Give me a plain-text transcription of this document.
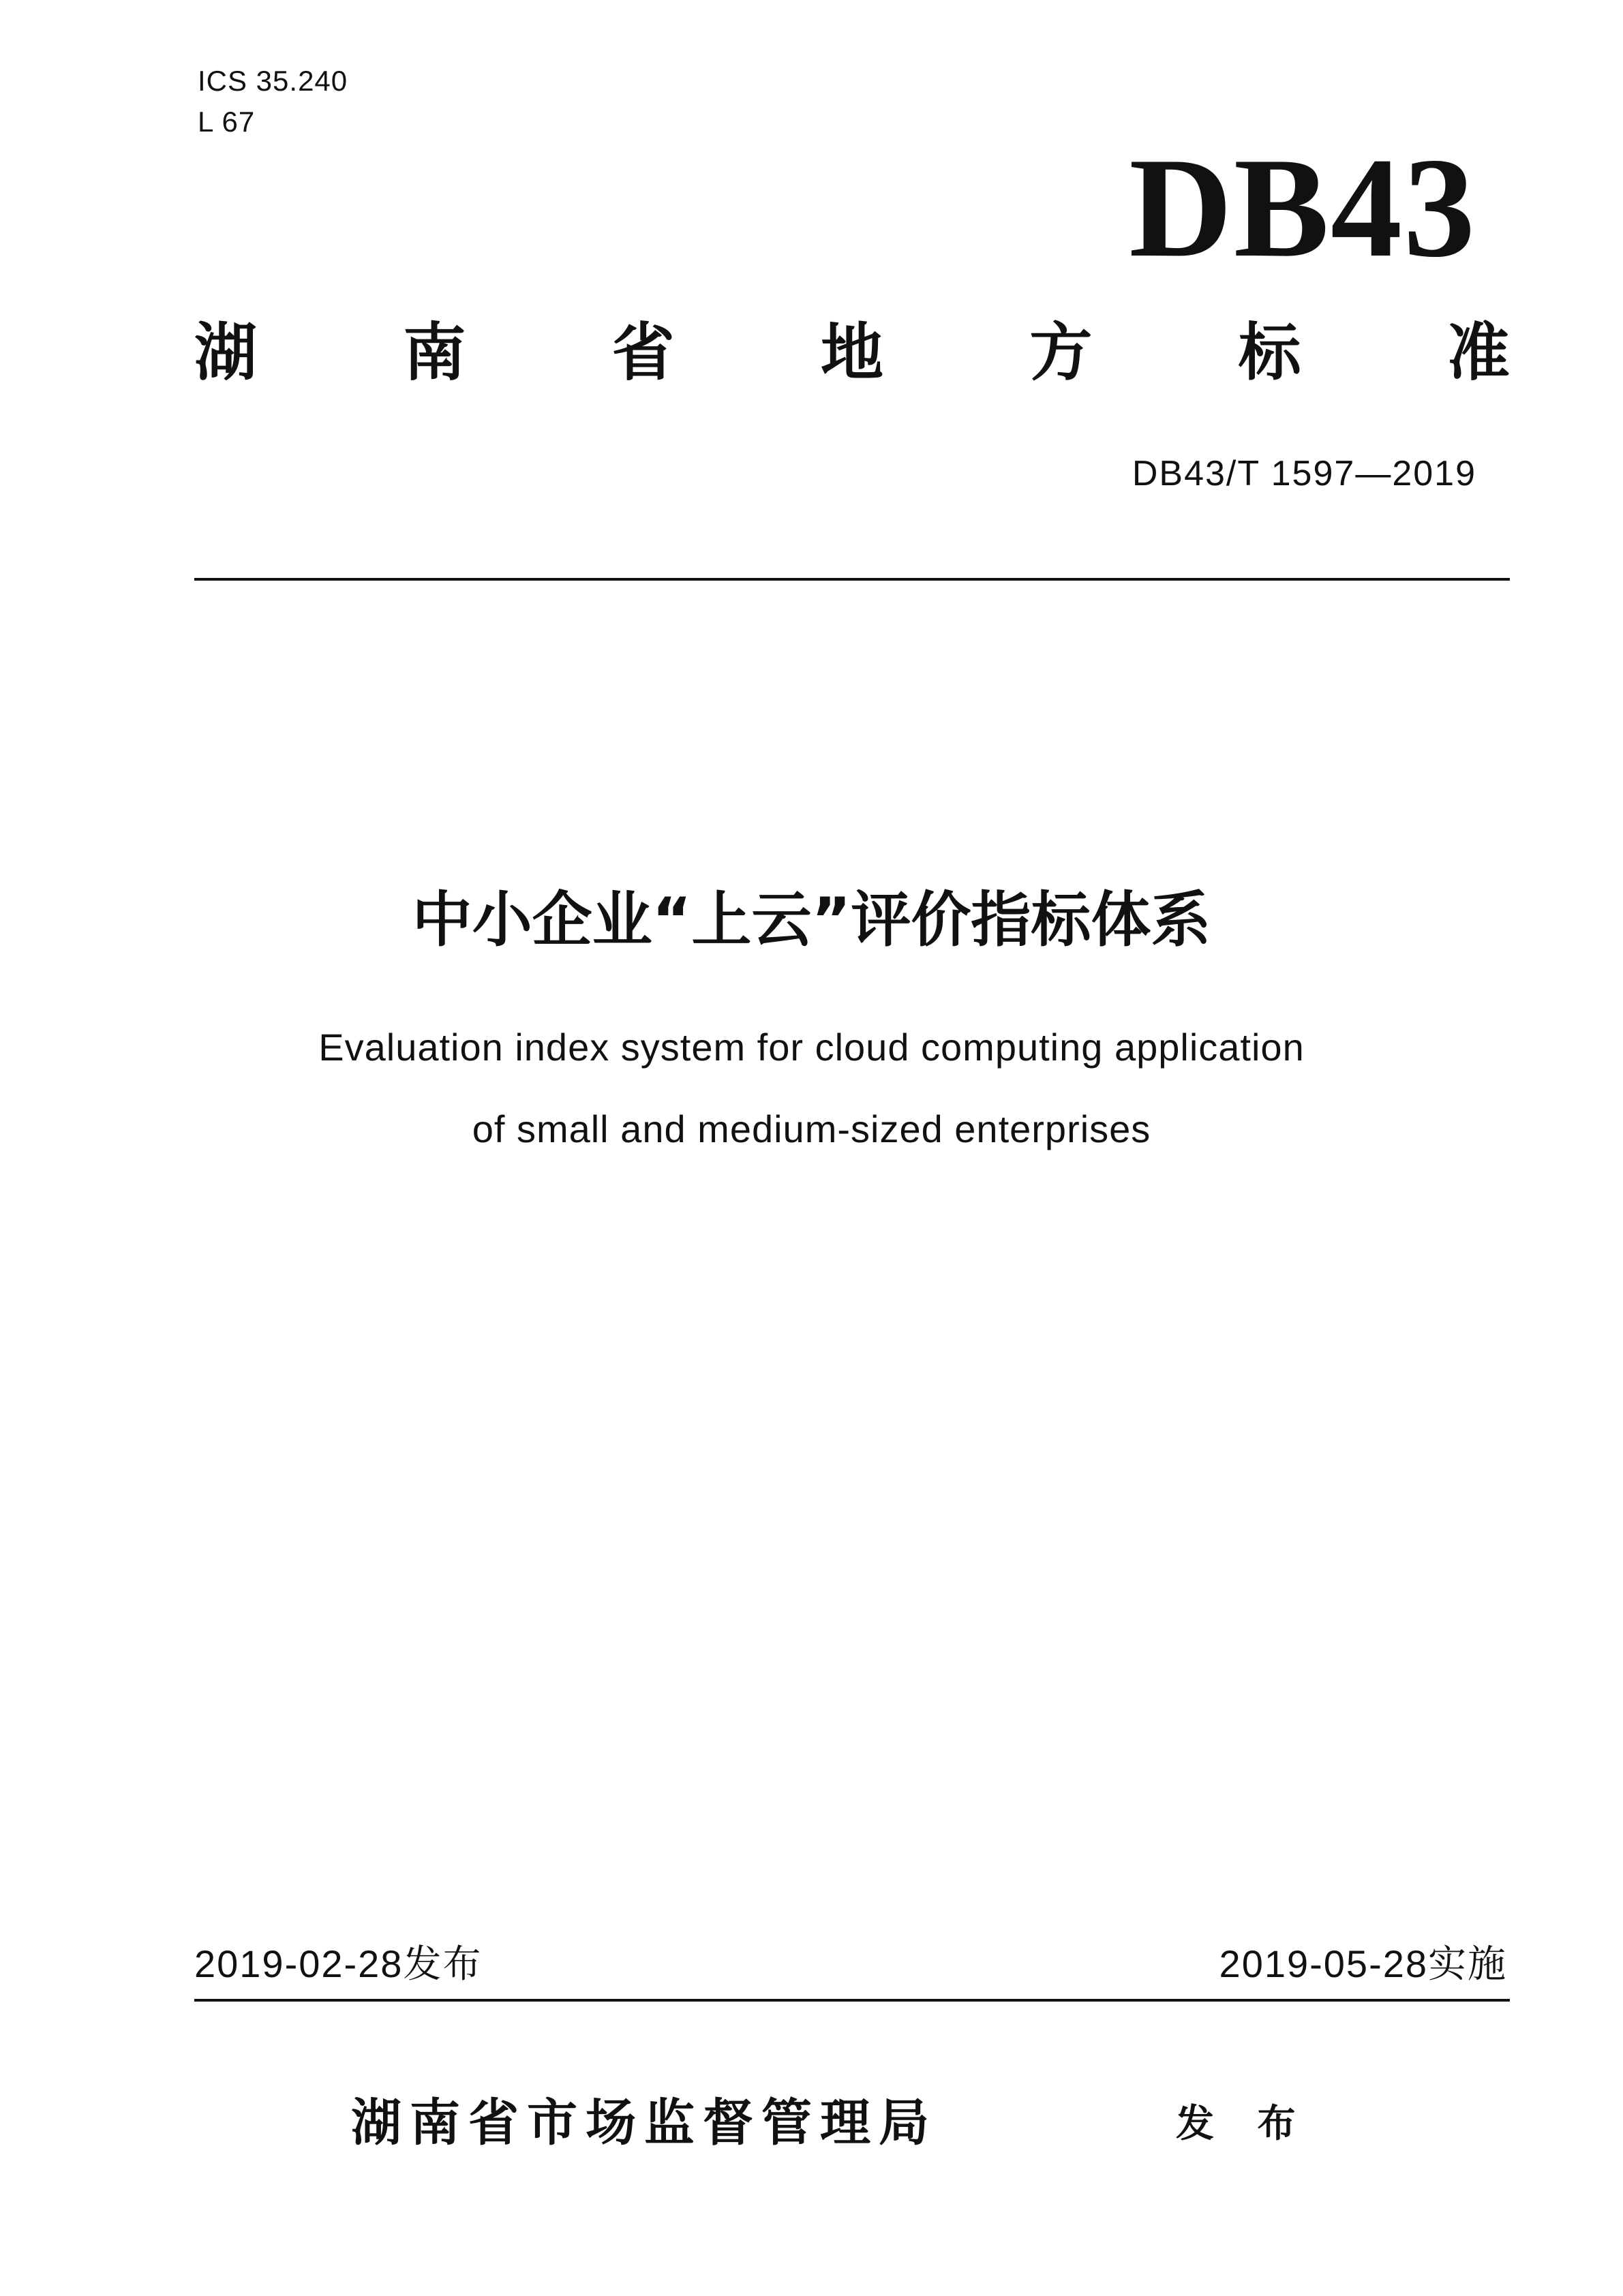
ICS 35.240
L 67
DB43
湖 南 省 地 方 标 准
DB43/T 1597—2019
中小企业“上云”评价指标体系
Evaluation index system for cloud computing application
of small and medium-sized enterprises
2019-02-28发布	2019-05-28实施
湖南省市场监督管理局	发 布
